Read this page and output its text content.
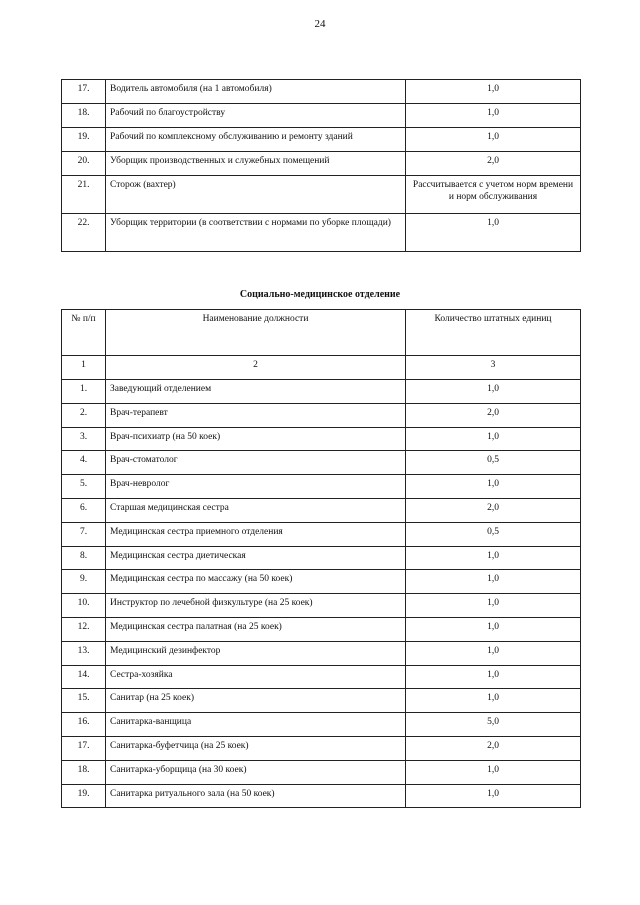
24
17.	Водитель автомобиля (на 1 автомобиля)	1,0
18.	Рабочий по благоустройству	1,0
19.	Рабочий по комплексному обслуживанию и ремонту зданий	1,0
20.	Уборщик производственных и служебных помещений	2,0
21.	Сторож (вахтер)	Рассчитывается с учетом норм времени и норм обслуживания
22.	Уборщик территории (в соответствии с нормами по уборке площади)	1,0
Социально-медицинское отделение
№ п/п	Наименование должности	Количество штатных единиц
1	2	3
1.	Заведующий отделением	1,0
2.	Врач-терапевт	2,0
3.	Врач-психиатр (на 50 коек)	1,0
4.	Врач-стоматолог	0,5
5.	Врач-невролог	1,0
6.	Старшая медицинская сестра	2,0
7.	Медицинская сестра приемного отделения	0,5
8.	Медицинская сестра диетическая	1,0
9.	Медицинская сестра по массажу (на 50 коек)	1,0
10.	Инструктор по лечебной физкультуре (на 25 коек)	1,0
12.	Медицинская сестра палатная (на 25 коек)	1,0
13.	Медицинский дезинфектор	1,0
14.	Сестра-хозяйка	1,0
15.	Санитар (на 25 коек)	1,0
16.	Санитарка-ванщица	5,0
17.	Санитарка-буфетчица (на 25 коек)	2,0
18.	Санитарка-уборщица (на 30 коек)	1,0
19.	Санитарка ритуального зала (на 50 коек)	1,0
